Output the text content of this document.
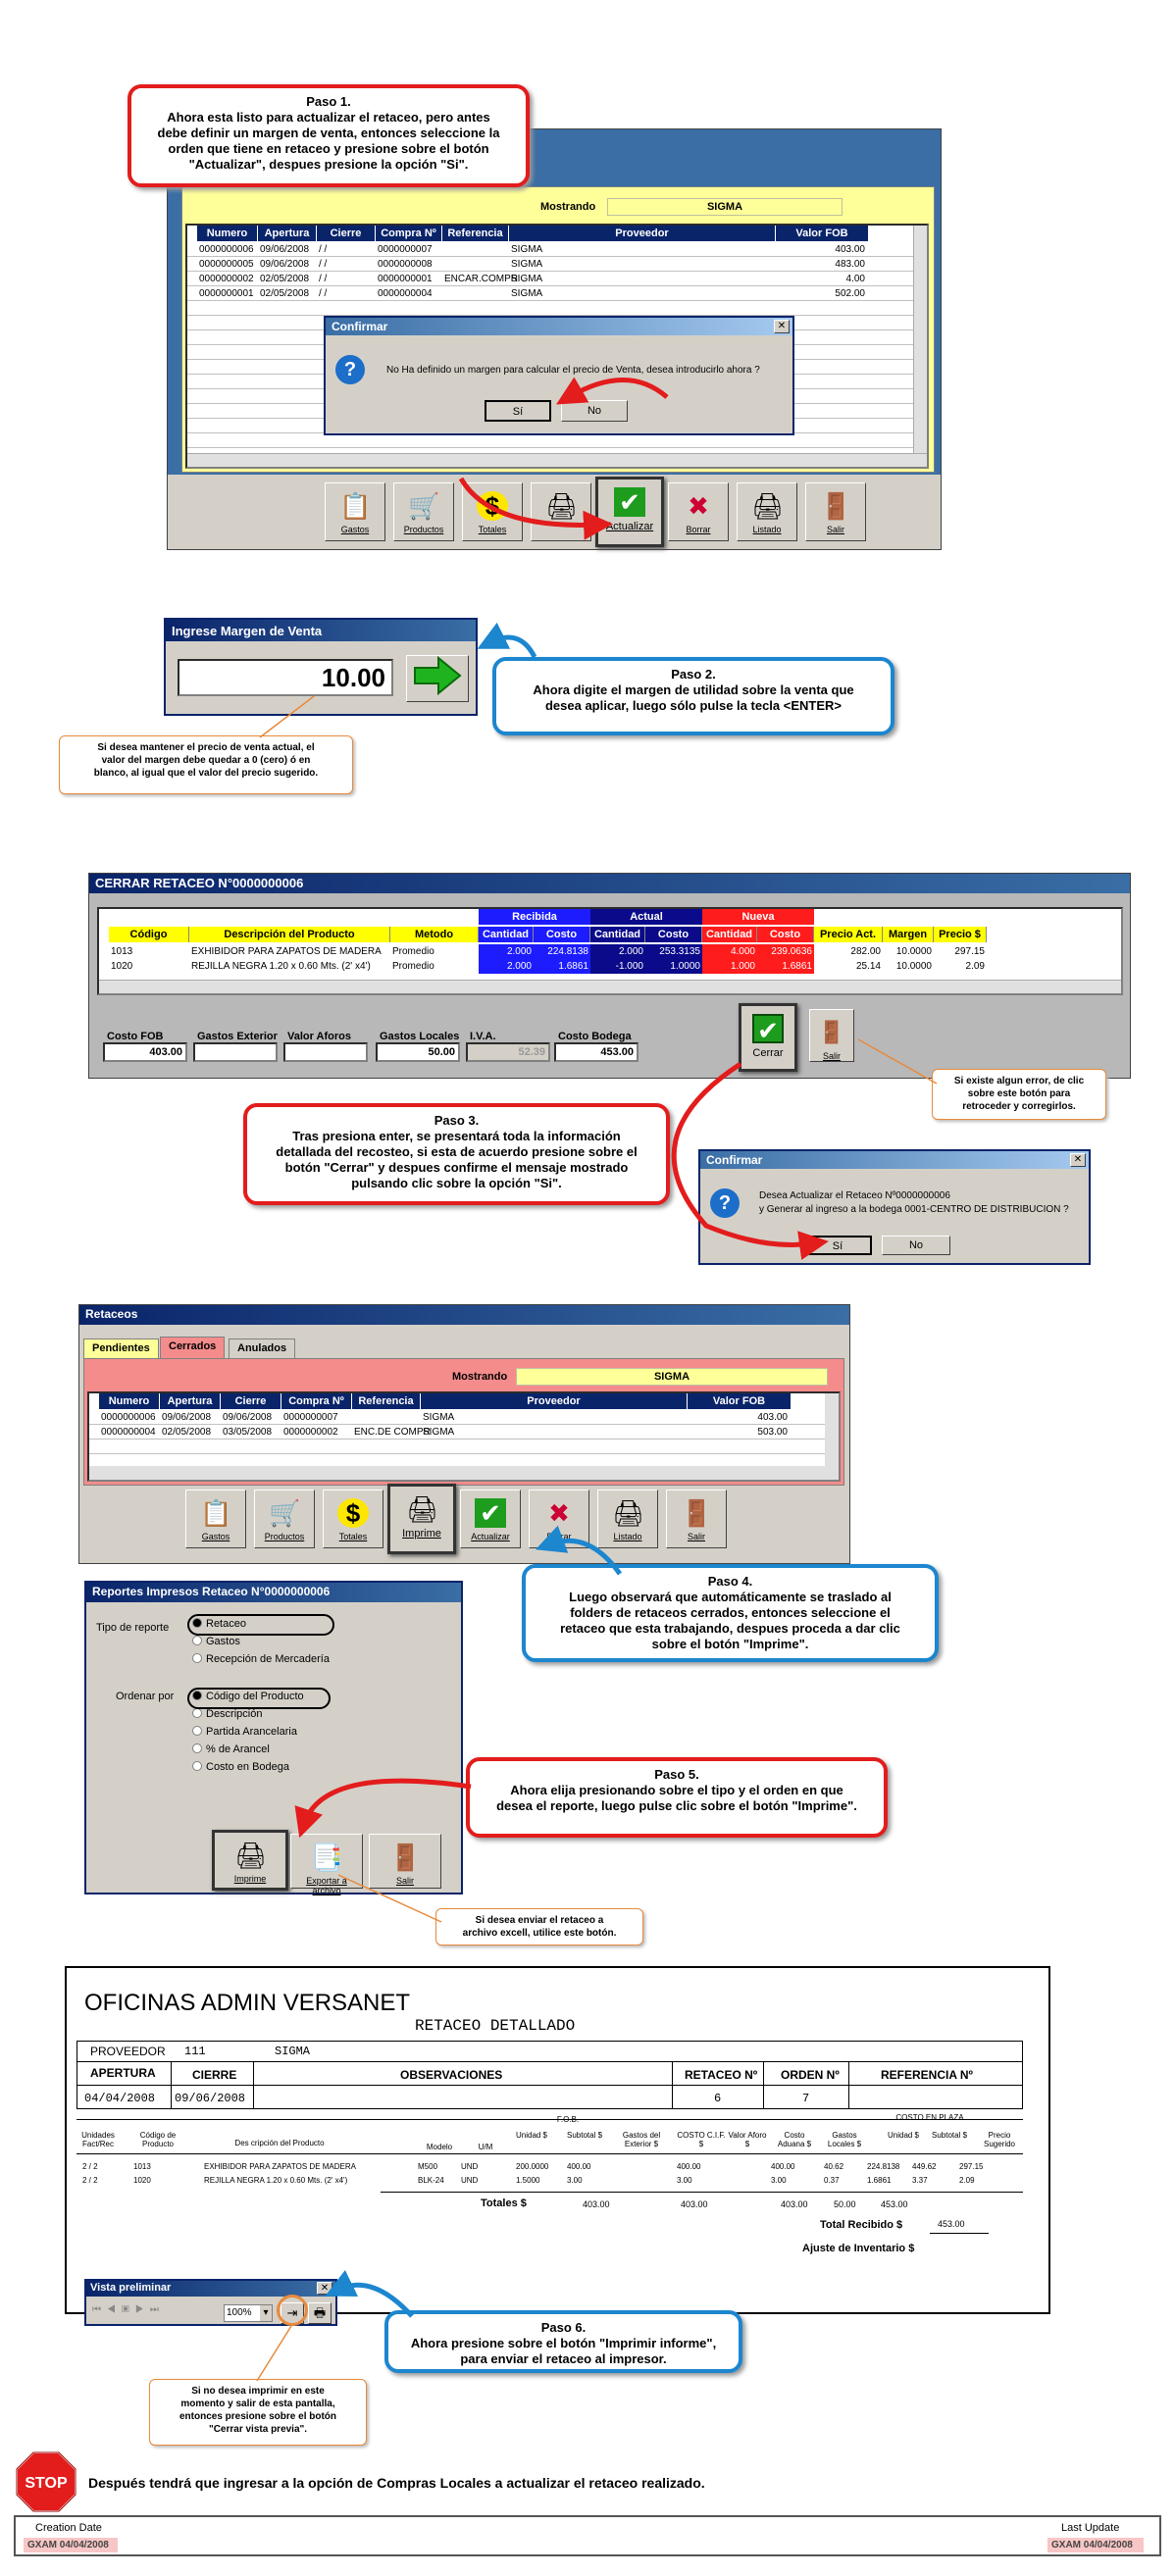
Mostrando	SIGMA
Numero	Apertura	Cierre	Compra Nº	Referencia	Proveedor	Valor FOB
0000000006 09/06/2008 / /	0000000007	SIGMA	403.00
0000000005 09/06/2008 / /	0000000008	SIGMA	483.00
0000000002 02/05/2008 / /	0000000001	ENCAR.COMPR
SIGMA	4.00
0000000001 02/05/2008 / /	0000000004	SIGMA	502.00
📋
Gastos
🛒
Productos
$
Totales
🖨 ✔
Actualizar
✖
Borrar
🖨
Listado
🚪
Salir
Confirmar	✕
?	No Ha definido un margen para calcular el precio de Venta, desea introducirlo ahora ?
Sí	No
Paso 1.
Ahora esta listo para actualizar el retaceo, pero antes
debe definir un margen de venta, entonces seleccione la
orden que tiene en retaceo y presione sobre el botón
"Actualizar", despues presione la opción "Si".
Ingrese Margen de Venta
10.00	Paso 2.
Ahora digite el margen de utilidad sobre la venta que
desea aplicar, luego sólo pulse la tecla <ENTER>
Si desea mantener el precio de venta actual, el
valor del margen debe quedar a 0 (cero) ó en
blanco, al igual que el valor del precio sugerido.
CERRAR RETACEO N°0000000006
Recibida	Actual	Nueva
Código	Descripción del Producto	Metodo	Cantidad	Costo	Cantidad	Costo	Cantidad	Costo	Precio Act.	Margen	Precio $
1013	EXHIBIDOR PARA ZAPATOS DE MADERA	Promedio	2.000	224.8138	2.000	253.3135	4.000	239.0636	282.00	10.0000	297.15
1020	REJILLA NEGRA 1.20 x 0.60 Mts. (2' x4')	Promedio	2.000	1.6861	-1.000	1.0000	1.000	1.6861	25.14	10.0000	2.09
Costo FOB
403.00
Gastos Exterior Valor Aforos	Gastos Locales
50.00
I.V.A.
52.39
Costo Bodega
453.00
✔
Cerrar
🚪
Salir
Paso 3.
Tras presiona enter, se presentará toda la información
detallada del recosteo, si esta de acuerdo presione sobre el
botón "Cerrar" y despues confirme el mensaje mostrado
pulsando clic sobre la opción "Si".
Si existe algun error, de clic
sobre este botón para
retroceder y corregirlos.
Confirmar	✕
?	Desea Actualizar el Retaceo Nº0000000006
y Generar al ingreso a la bodega 0001-CENTRO DE DISTRIBUCION ?
Sí	No
Retaceos
Pendientes	Cerrados	Anulados
Mostrando	SIGMA
Numero	Apertura	Cierre	Compra Nº	Referencia	Proveedor	Valor FOB
0000000006 09/06/2008	09/06/2008	0000000007	SIGMA	403.00
0000000004 02/05/2008	03/05/2008	0000000002	ENC.DE COMPR
SIGMA	503.00
📋
Gastos
🛒
Productos
$
Totales
🖨
Imprime
✔
Actualizar
✖
Borrar
🖨
Listado
🚪
Salir
Paso 4.
Luego observará que automáticamente se traslado al
folders de retaceos cerrados, entonces seleccione el
retaceo que esta trabajando, despues proceda a dar clic
sobre el botón "Imprime".
Reportes Impresos Retaceo N°0000000006
Tipo de reporte	Retaceo
Gastos
Recepción de Mercadería
Ordenar por	Código del Producto
Descripción
Partida Arancelaria
% de Arancel
Costo en Bodega
🖨
Imprime
📑
Exportar a archivo
🚪
Salir
Paso 5.
Ahora elija presionando sobre el tipo y el orden en que
desea el reporte, luego pulse clic sobre el botón "Imprime".
Si desea enviar el retaceo a
archivo excell, utilice este botón.
OFICINAS ADMIN VERSANET
RETACEO DETALLADO
PROVEEDOR 111	SIGMA
APERTURA	CIERRE	OBSERVACIONES	RETACEO Nº ORDEN Nº	REFERENCIA Nº
04/04/2008 09/06/2008	6	7
Unidades Fact/Rec
Código de Producto	Des cripción del Producto	Modelo	U/M
F.O.B.
Unidad $	Subtotal $	Gastos del Exterior $
COSTO C.I.F. $
Valor Aforo $
Costo Aduana $
Gastos Locales $
COSTO EN PLAZA
Unidad $	Subtotal $	Precio Sugerido
2 / 2	1013	EXHIBIDOR PARA ZAPATOS DE MADERA	M500	UND	200.0000 400.00	400.00	400.00	40.62	224.8138 449.62	297.15
2 / 2	1020	REJILLA NEGRA 1.20 x 0.60 Mts. (2' x4')	BLK-24 UND	1.5000	3.00	3.00	3.00	0.37	1.6861	3.37	2.09
Totales $	403.00	403.00	403.00	50.00	453.00
Total Recibido $	453.00
Ajuste de Inventario $
Vista preliminar	✕
⏮◀▣▶⏭	100%	▾	⇥	🖶
Paso 6.
Ahora presione sobre el botón "Imprimir informe",
para enviar el retaceo al impresor.
Si no desea imprimir en este
momento y salir de esta pantalla,
entonces presione sobre el botón
"Cerrar vista previa".
STOP Después tendrá que ingresar a la opción de Compras Locales a actualizar el retaceo realizado.
Creation Date
GXAM 04/04/2008
Last Update
GXAM 04/04/2008
